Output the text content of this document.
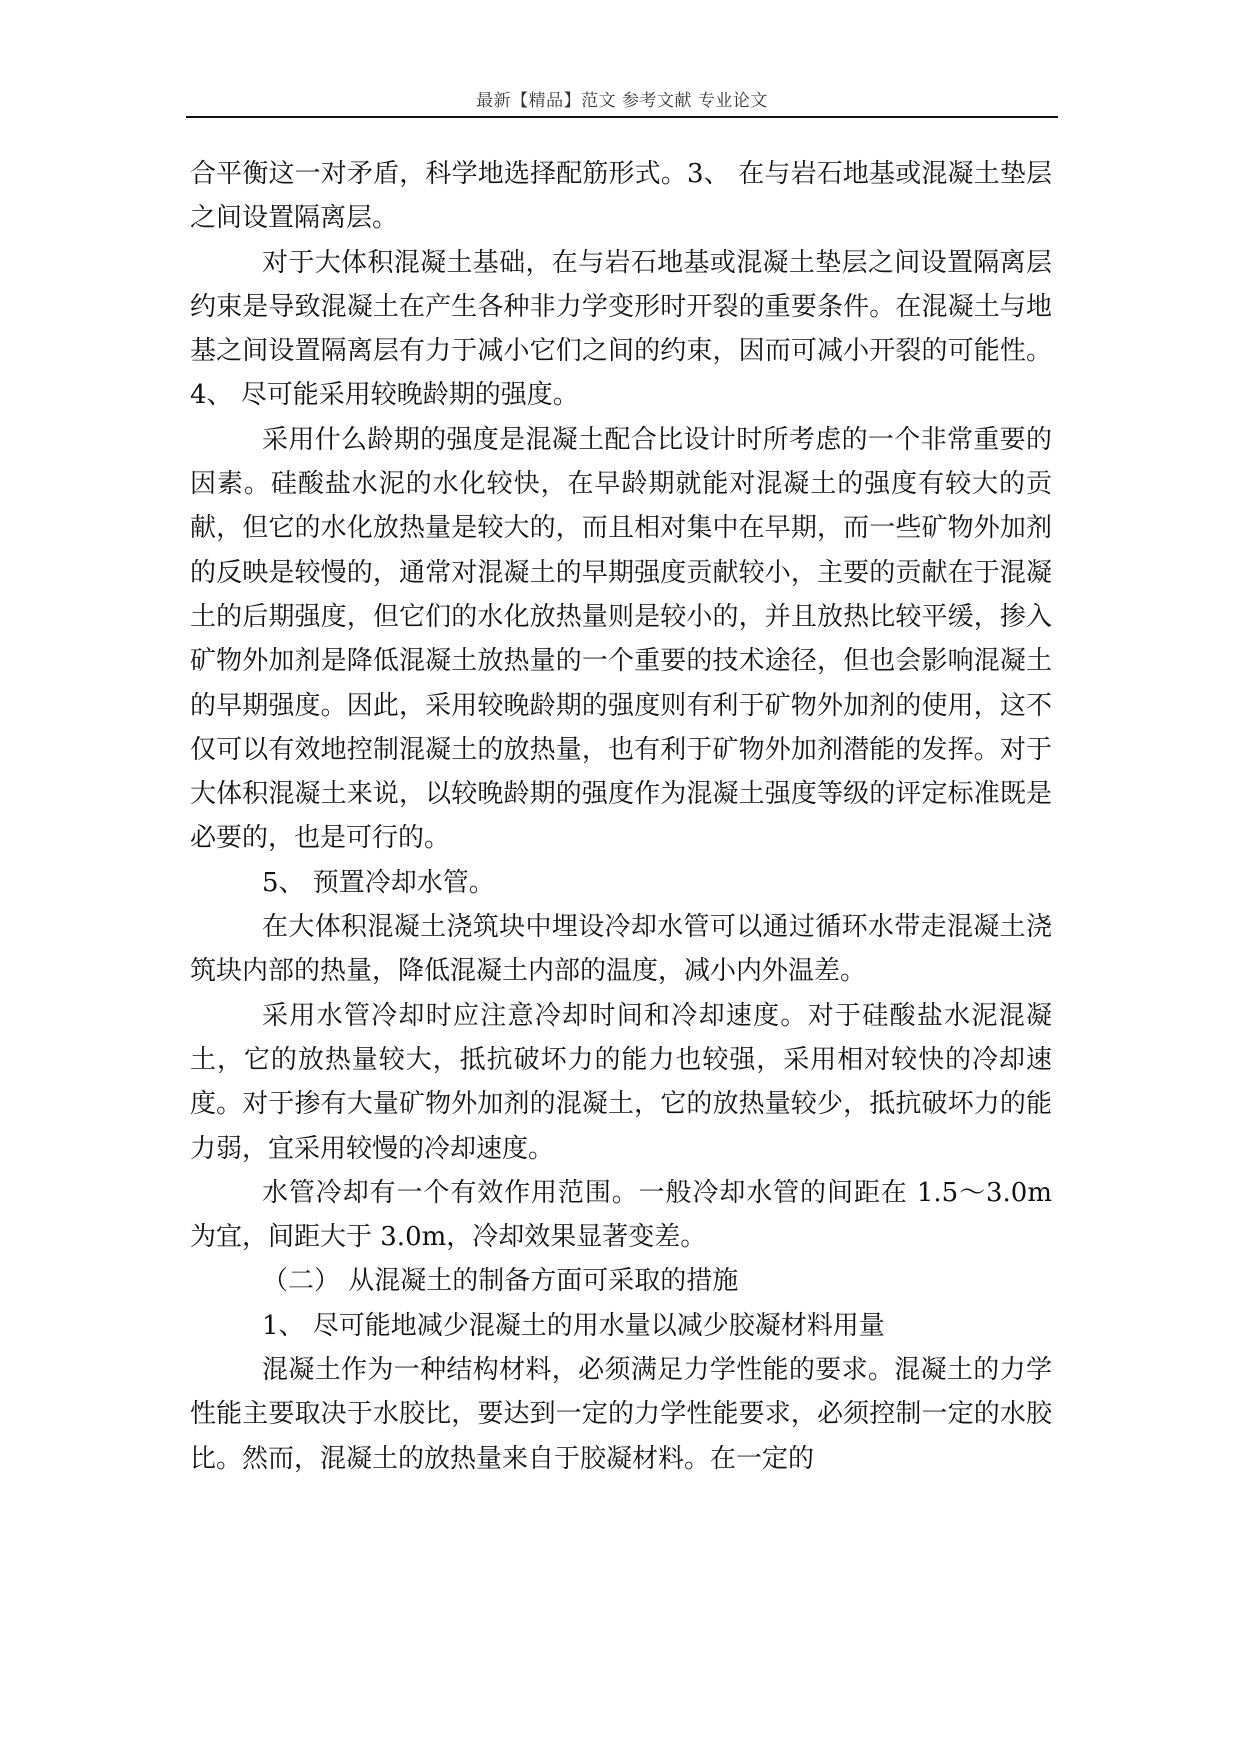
最新【精品】范文 参考文献 专业论文

合平衡这一对矛盾，科学地选择配筋形式。3、 在与岩石地基或混凝土垫层之间设置隔离层。

对于大体积混凝土基础，在与岩石地基或混凝土垫层之间设置隔离层约束是导致混凝土在产生各种非力学变形时开裂的重要条件。在混凝土与地基之间设置隔离层有力于减小它们之间的约束，因而可减小开裂的可能性。 4、 尽可能采用较晚龄期的强度。

采用什么龄期的强度是混凝土配合比设计时所考虑的一个非常重要的因素。硅酸盐水泥的水化较快，在早龄期就能对混凝土的强度有较大的贡献，但它的水化放热量是较大的，而且相对集中在早期，而一些矿物外加剂的反映是较慢的，通常对混凝土的早期强度贡献较小，主要的贡献在于混凝土的后期强度，但它们的水化放热量则是较小的，并且放热比较平缓，掺入矿物外加剂是降低混凝土放热量的一个重要的技术途径，但也会影响混凝土的早期强度。因此，采用较晚龄期的强度则有利于矿物外加剂的使用，这不仅可以有效地控制混凝土的放热量，也有利于矿物外加剂潜能的发挥。对于大体积混凝土来说，以较晚龄期的强度作为混凝土强度等级的评定标准既是必要的，也是可行的。

5、 预置冷却水管。

在大体积混凝土浇筑块中埋设冷却水管可以通过循环水带走混凝土浇筑块内部的热量，降低混凝土内部的温度，减小内外温差。

采用水管冷却时应注意冷却时间和冷却速度。对于硅酸盐水泥混凝土，它的放热量较大，抵抗破坏力的能力也较强，采用相对较快的冷却速度。对于掺有大量矿物外加剂的混凝土，它的放热量较少，抵抗破坏力的能力弱，宜采用较慢的冷却速度。

水管冷却有一个有效作用范围。一般冷却水管的间距在 1.5～3.0m 为宜，间距大于 3.0m，冷却效果显著变差。

（二） 从混凝土的制备方面可采取的措施

1、 尽可能地减少混凝土的用水量以减少胶凝材料用量

混凝土作为一种结构材料，必须满足力学性能的要求。混凝土的力学性能主要取决于水胶比，要达到一定的力学性能要求，必须控制一定的水胶比。然而，混凝土的放热量来自于胶凝材料。在一定的
